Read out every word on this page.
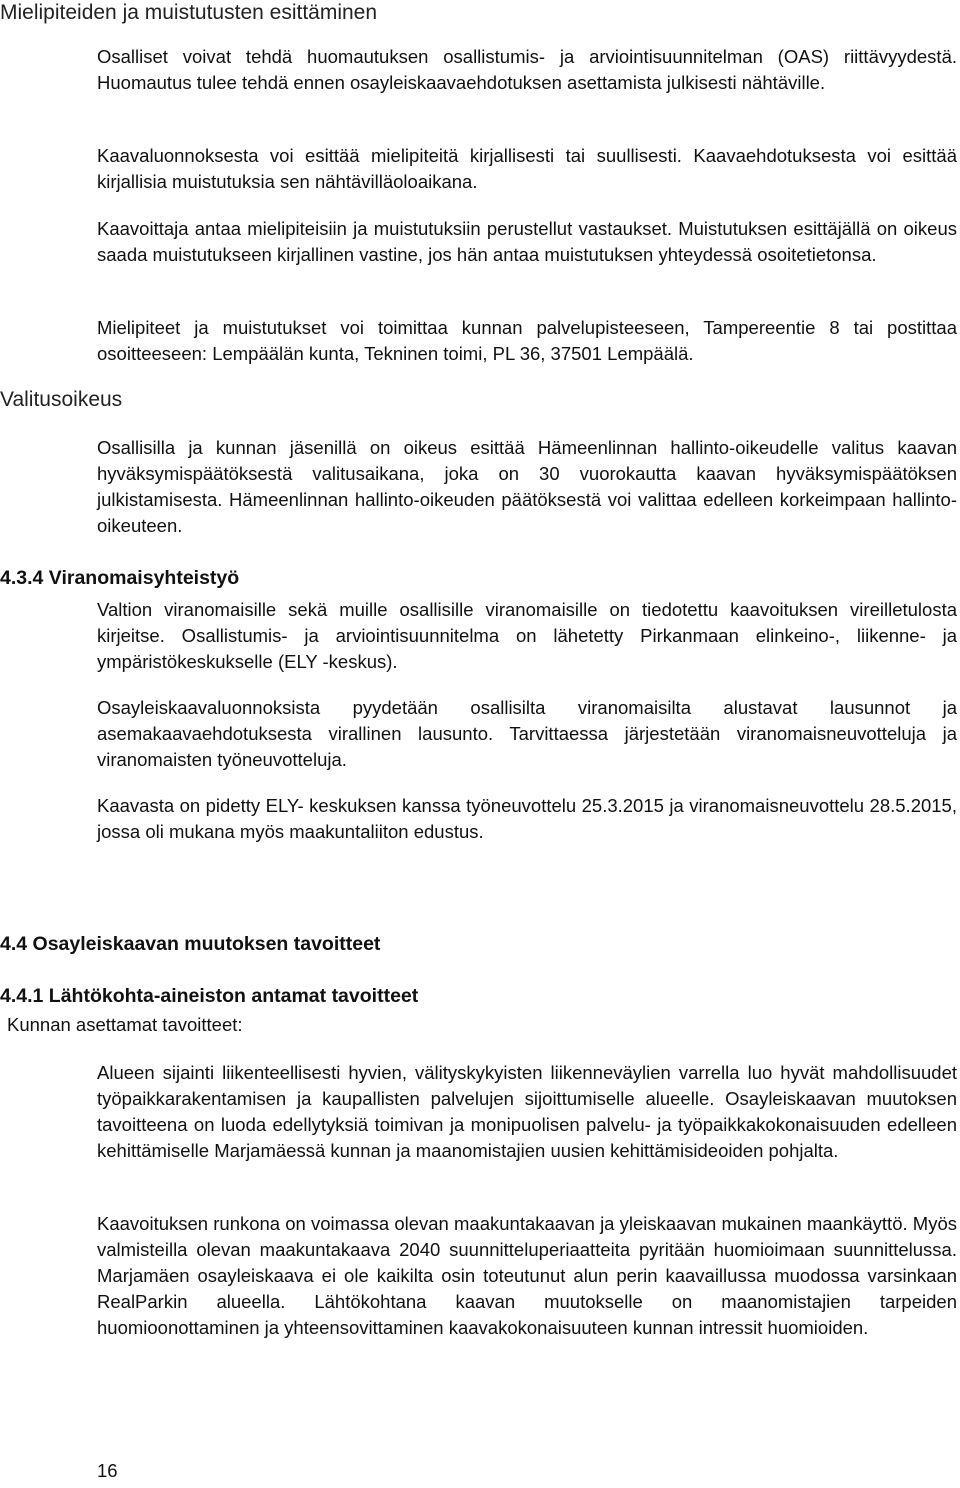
Mielipiteiden ja muistutusten esittäminen
Osalliset voivat tehdä huomautuksen osallistumis- ja arviointisuunnitelman (OAS) riittävyydestä. Huomautus tulee tehdä ennen osayleiskaavaehdotuksen asettamista julkisesti nähtäville.
Kaavaluonnoksesta voi esittää mielipiteitä kirjallisesti tai suullisesti. Kaavaehdotuksesta voi esittää kirjallisia muistutuksia sen nähtävilläoloaikana.
Kaavoittaja antaa mielipiteisiin ja muistutuksiin perustellut vastaukset. Muistutuksen esittäjällä on oikeus saada muistutukseen kirjallinen vastine, jos hän antaa muistutuksen yhteydessä osoitetietonsa.
Mielipiteet ja muistutukset voi toimittaa kunnan palvelupisteeseen, Tampereentie 8 tai postittaa osoitteeseen: Lempäälän kunta, Tekninen toimi, PL 36, 37501 Lempäälä.
Valitusoikeus
Osallisilla ja kunnan jäsenillä on oikeus esittää Hämeenlinnan hallinto-oikeudelle valitus kaavan hyväksymispäätöksestä valitusaikana, joka on 30 vuorokautta kaavan hyväksymispäätöksen julkistamisesta. Hämeenlinnan hallinto-oikeuden päätöksestä voi valittaa edelleen korkeimpaan hallinto-oikeuteen.
4.3.4 Viranomaisyhteistyö
Valtion viranomaisille sekä muille osallisille viranomaisille on tiedotettu kaavoituksen vireilletulosta kirjeitse. Osallistumis- ja arviointisuunnitelma on lähetetty Pirkanmaan elinkeino-, liikenne- ja ympäristökeskukselle (ELY -keskus).
Osayleiskaavaluonnoksista pyydetään osallisilta viranomaisilta alustavat lausunnot ja asemakaavaehdotuksesta virallinen lausunto. Tarvittaessa järjestetään viranomaisneuvotteluja ja viranomaisten työneuvotteluja.
Kaavasta on pidetty ELY- keskuksen kanssa työneuvottelu 25.3.2015 ja viranomaisneuvottelu 28.5.2015, jossa oli mukana myös maakuntaliiton edustus.
4.4 Osayleiskaavan muutoksen tavoitteet
4.4.1 Lähtökohta-aineiston antamat tavoitteet
Kunnan asettamat tavoitteet:
Alueen sijainti liikenteellisesti hyvien, välityskykyisten liikenneväylien varrella luo hyvät mahdollisuudet työpaikkarakentamisen ja kaupallisten palvelujen sijoittumiselle alueelle. Osayleiskaavan muutoksen tavoitteena on luoda edellytyksiä toimivan ja monipuolisen palvelu- ja työpaikkakokonaisuuden edelleen kehittämiselle Marjamäessä kunnan ja maanomistajien uusien kehittämisideoiden pohjalta.
Kaavoituksen runkona on voimassa olevan maakuntakaavan ja yleiskaavan mukainen maankäyttö. Myös valmisteilla olevan maakuntakaava 2040 suunnitteluperiaatteita pyritään huomioimaan suunnittelussa. Marjamäen osayleiskaava ei ole kaikilta osin toteutunut alun perin kaavaillussa muodossa varsinkaan RealParkin alueella. Lähtökohtana kaavan muutokselle on maanomistajien tarpeiden huomioonottaminen ja yhteensovittaminen kaavakokonaisuuteen kunnan intressit huomioiden.
16
